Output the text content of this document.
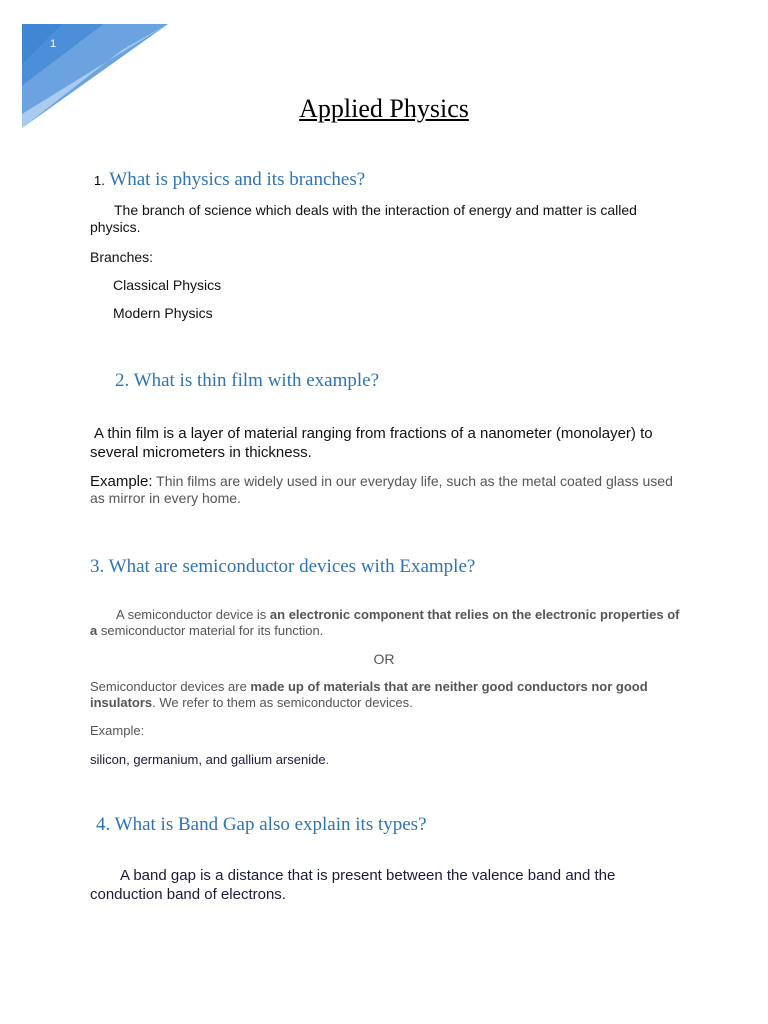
1
Applied Physics
1. What is physics and its branches?
The branch of science which deals with the interaction of energy and matter is called physics.
Branches:
Classical Physics
Modern Physics
2. What is thin film with example?
A thin film is a layer of material ranging from fractions of a nanometer (monolayer) to several micrometers in thickness.
Example: Thin films are widely used in our everyday life, such as the metal coated glass used as mirror in every home.
3. What are semiconductor devices with Example?
A semiconductor device is an electronic component that relies on the electronic properties of a semiconductor material for its function.
OR
Semiconductor devices are made up of materials that are neither good conductors nor good insulators. We refer to them as semiconductor devices.
Example:
silicon, germanium, and gallium arsenide.
4. What is Band Gap also explain its types?
A band gap is a distance that is present between the valence band and the conduction band of electrons.
